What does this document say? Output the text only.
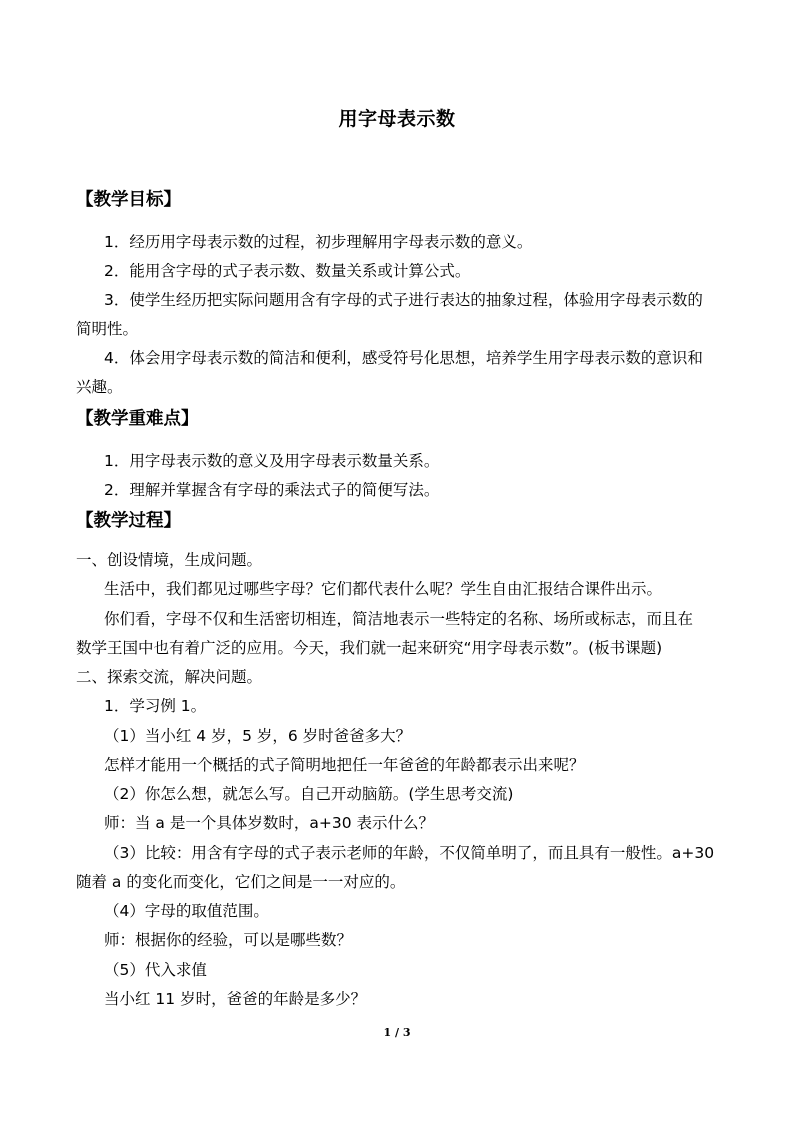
用字母表示数
【教学目标】
1．经历用字母表示数的过程，初步理解用字母表示数的意义。
2．能用含字母的式子表示数、数量关系或计算公式。
3．使学生经历把实际问题用含有字母的式子进行表达的抽象过程，体验用字母表示数的
简明性。
4．体会用字母表示数的简洁和便利，感受符号化思想，培养学生用字母表示数的意识和
兴趣。
【教学重难点】
1．用字母表示数的意义及用字母表示数量关系。
2．理解并掌握含有字母的乘法式子的简便写法。
【教学过程】
一、创设情境，生成问题。
生活中，我们都见过哪些字母？它们都代表什么呢？学生自由汇报结合课件出示。
你们看，字母不仅和生活密切相连，简洁地表示一些特定的名称、场所或标志，而且在
数学王国中也有着广泛的应用。今天，我们就一起来研究“用字母表示数”。(板书课题)
二、探索交流，解决问题。
1．学习例 1。
（1）当小红 4 岁，5 岁，6 岁时爸爸多大？
怎样才能用一个概括的式子简明地把任一年爸爸的年龄都表示出来呢？
（2）你怎么想，就怎么写。自己开动脑筋。(学生思考交流)
师：当 a 是一个具体岁数时，a+30 表示什么？
（3）比较：用含有字母的式子表示老师的年龄，不仅简单明了，而且具有一般性。a+30
随着 a 的变化而变化，它们之间是一一对应的。
（4）字母的取值范围。
师：根据你的经验，可以是哪些数？
（5）代入求值
当小红 11 岁时，爸爸的年龄是多少？
1 / 3
